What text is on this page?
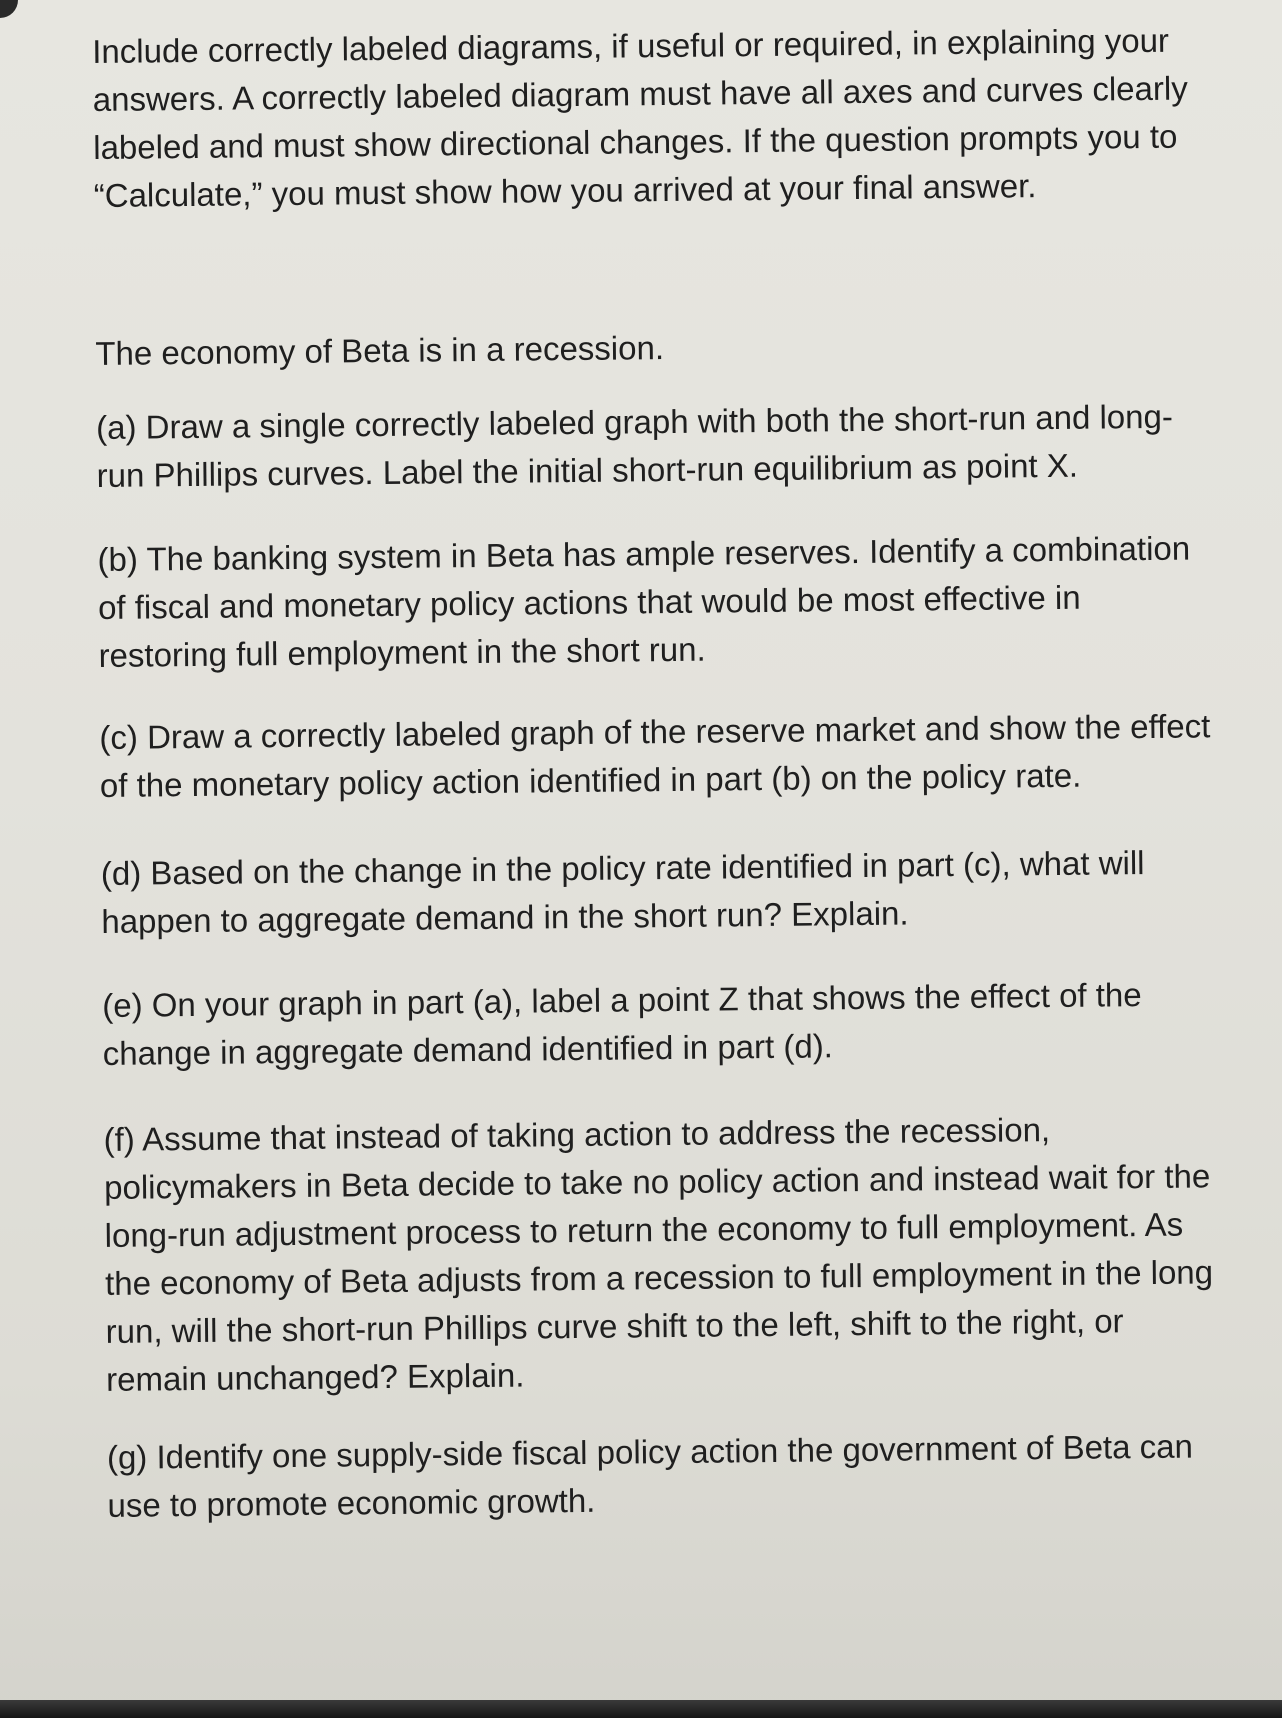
Include correctly labeled diagrams, if useful or required, in explaining your answers. A correctly labeled diagram must have all axes and curves clearly labeled and must show directional changes. If the question prompts you to “Calculate,” you must show how you arrived at your final answer.

The economy of Beta is in a recession.

(a) Draw a single correctly labeled graph with both the short-run and long-run Phillips curves. Label the initial short-run equilibrium as point X.

(b) The banking system in Beta has ample reserves. Identify a combination of fiscal and monetary policy actions that would be most effective in restoring full employment in the short run.

(c) Draw a correctly labeled graph of the reserve market and show the effect of the monetary policy action identified in part (b) on the policy rate.

(d) Based on the change in the policy rate identified in part (c), what will happen to aggregate demand in the short run? Explain.

(e) On your graph in part (a), label a point Z that shows the effect of the change in aggregate demand identified in part (d).

(f) Assume that instead of taking action to address the recession, policymakers in Beta decide to take no policy action and instead wait for the long-run adjustment process to return the economy to full employment. As the economy of Beta adjusts from a recession to full employment in the long run, will the short-run Phillips curve shift to the left, shift to the right, or remain unchanged? Explain.

(g) Identify one supply-side fiscal policy action the government of Beta can use to promote economic growth.
